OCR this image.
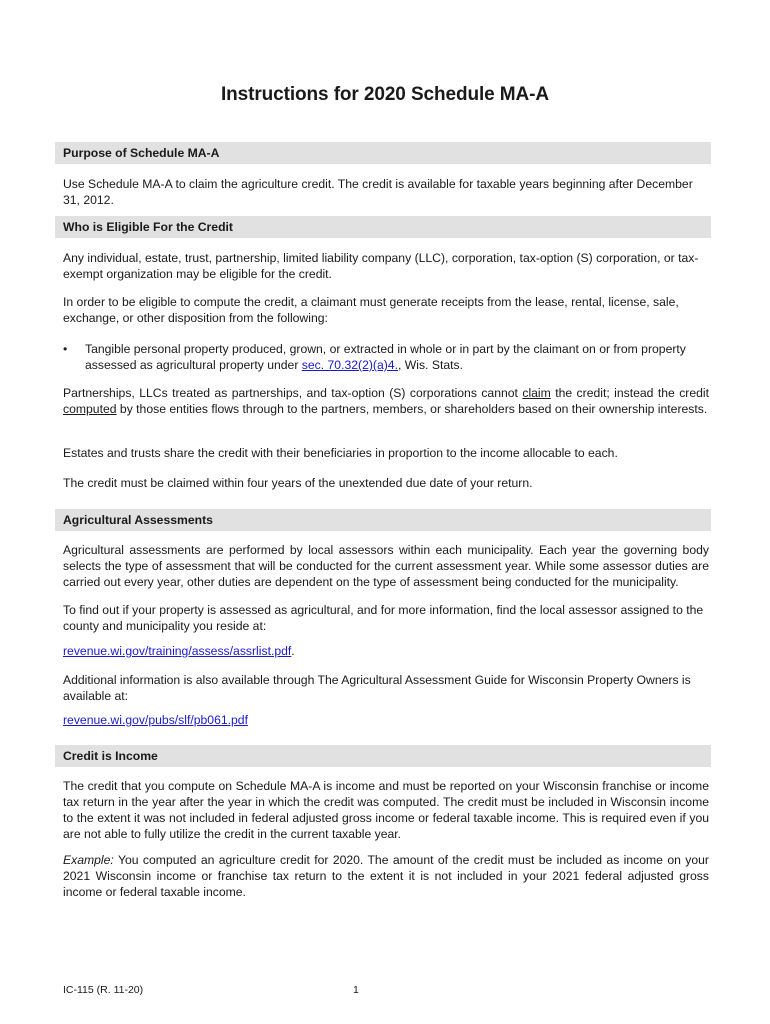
Instructions for 2020 Schedule MA-A
Purpose of Schedule MA-A
Use Schedule MA-A to claim the agriculture credit. The credit is available for taxable years beginning after December 31, 2012.
Who is Eligible For the Credit
Any individual, estate, trust, partnership, limited liability company (LLC), corporation, tax-option (S) corporation, or tax-exempt organization may be eligible for the credit.
In order to be eligible to compute the credit, a claimant must generate receipts from the lease, rental, license, sale, exchange, or other disposition from the following:
• Tangible personal property produced, grown, or extracted in whole or in part by the claimant on or from property assessed as agricultural property under sec. 70.32(2)(a)4., Wis. Stats.
Partnerships, LLCs treated as partnerships, and tax-option (S) corporations cannot claim the credit; instead the credit computed by those entities flows through to the partners, members, or shareholders based on their ownership interests.
Estates and trusts share the credit with their beneficiaries in proportion to the income allocable to each.
The credit must be claimed within four years of the unextended due date of your return.
Agricultural Assessments
Agricultural assessments are performed by local assessors within each municipality. Each year the governing body selects the type of assessment that will be conducted for the current assessment year. While some assessor duties are carried out every year, other duties are dependent on the type of assessment being conducted for the municipality.
To find out if your property is assessed as agricultural, and for more information, find the local assessor assigned to the county and municipality you reside at:
revenue.wi.gov/training/assess/assrlist.pdf.
Additional information is also available through The Agricultural Assessment Guide for Wisconsin Property Owners is available at:
revenue.wi.gov/pubs/slf/pb061.pdf
Credit is Income
The credit that you compute on Schedule MA-A is income and must be reported on your Wisconsin franchise or income tax return in the year after the year in which the credit was computed. The credit must be included in Wisconsin income to the extent it was not included in federal adjusted gross income or federal taxable income. This is required even if you are not able to fully utilize the credit in the current taxable year.
Example: You computed an agriculture credit for 2020. The amount of the credit must be included as income on your 2021 Wisconsin income or franchise tax return to the extent it is not included in your 2021 federal adjusted gross income or federal taxable income.
IC-115 (R. 11-20)	1
